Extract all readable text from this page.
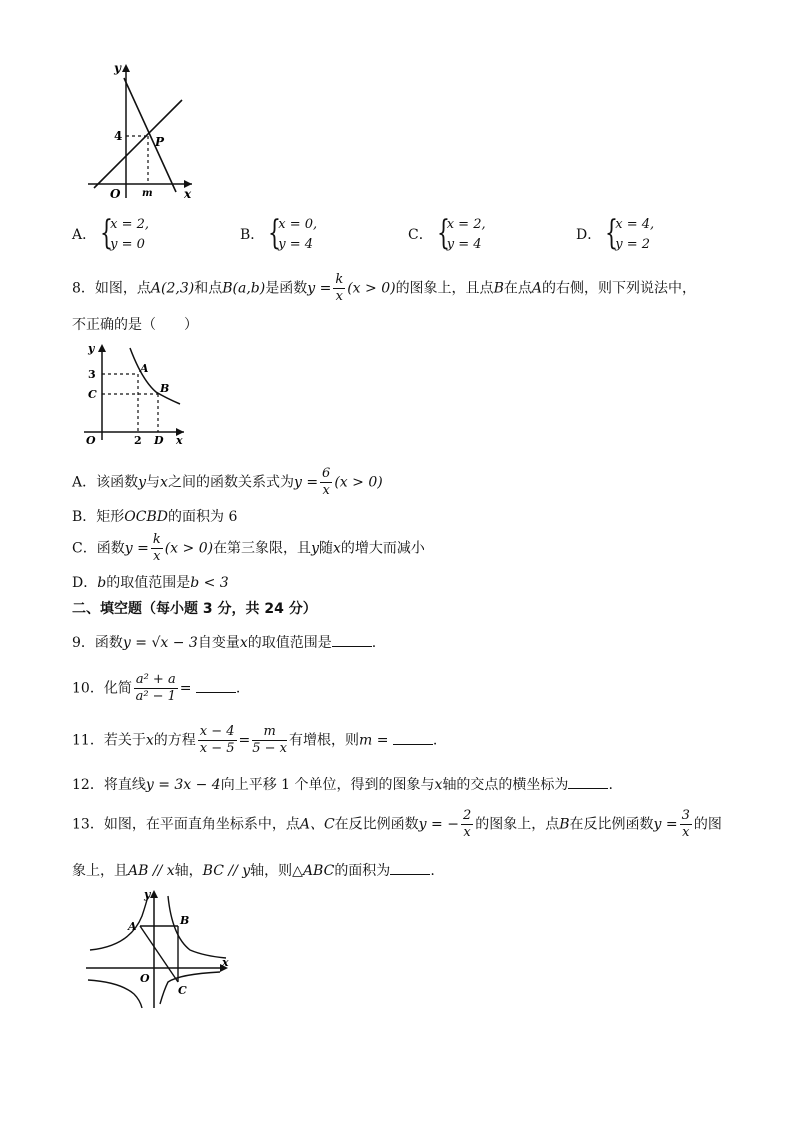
y
x
O
4	P
m
A． {
x = 2,
y = 0
B． {
x = 0,
y = 4
C． {
x = 2,
y = 4
D． {
x = 4,
y = 2
8．如图，点A(2,3)和点B(a,b)是函数$y = \frac{k}{x} (x > 0)$的图象上，且点B在点A的右侧，则下列说法中，
不正确的是（　　）
y
x
O
3
C
2 D
A
B
A．该函数y与x之间的函数关系式为$y = \frac{6}{x} (x > 0)$
B．矩形OCBD的面积为 6
C．函数$y = \frac{k}{x} (x > 0)$在第三象限，且y随x的增大而减小
D．b的取值范围是b < 3
二、填空题（每小题 3 分，共 24 分）
9．函数y = √x − 3自变量x的取值范围是	.
10．化简 $\frac{\text{a² + a}}{\text{a² − 1}}$ =	.
11．若关于x的方程 $\frac{x - 4}{x - 5} = \frac{m}{5 - x}$ 有增根，则m =	.
12．将直线y = 3x − 4向上平移 1 个单位，得到的图象与x轴的交点的横坐标为	.
13．如图，在平面直角坐标系中，点A、C在反比例函数y = − $\frac{2}{x}$ 的图象上，点B在反比例函数$y = \frac{3}{x}$ 的图
象上，且AB // x轴，BC // y轴，则△ABC的面积为	.
y
x
O
A	B
C
